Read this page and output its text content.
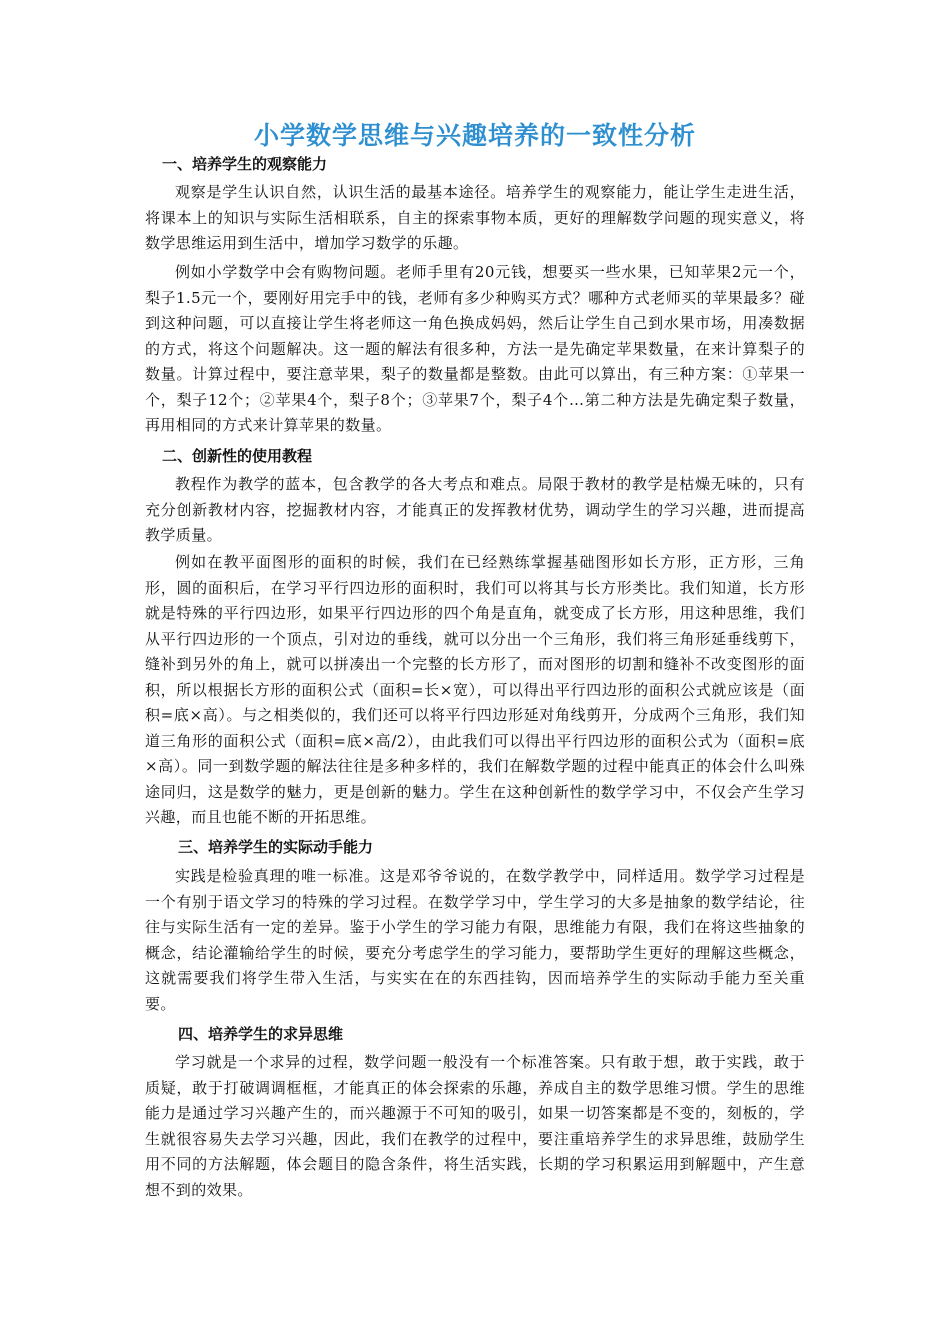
小学数学思维与兴趣培养的一致性分析
一、培养学生的观察能力
观察是学生认识自然，认识生活的最基本途径。培养学生的观察能力，能让学生走进生活，将课本上的知识与实际生活相联系，自主的探索事物本质，更好的理解数学问题的现实意义，将数学思维运用到生活中，增加学习数学的乐趣。
例如小学数学中会有购物问题。老师手里有20元钱，想要买一些水果，已知苹果2元一个，梨子1.5元一个，要刚好用完手中的钱，老师有多少种购买方式？哪种方式老师买的苹果最多？碰到这种问题，可以直接让学生将老师这一角色换成妈妈，然后让学生自己到水果市场，用凑数据的方式，将这个问题解决。这一题的解法有很多种，方法一是先确定苹果数量，在来计算梨子的数量。计算过程中，要注意苹果，梨子的数量都是整数。由此可以算出，有三种方案：①苹果一个，梨子12个；②苹果4个，梨子8个；③苹果7个，梨子4个…第二种方法是先确定梨子数量，再用相同的方式来计算苹果的数量。
二、创新性的使用教程
教程作为教学的蓝本，包含教学的各大考点和难点。局限于教材的教学是枯燥无味的，只有充分创新教材内容，挖掘教材内容，才能真正的发挥教材优势，调动学生的学习兴趣，进而提高教学质量。
例如在教平面图形的面积的时候，我们在已经熟练掌握基础图形如长方形，正方形，三角形，圆的面积后，在学习平行四边形的面积时，我们可以将其与长方形类比。我们知道，长方形就是特殊的平行四边形，如果平行四边形的四个角是直角，就变成了长方形，用这种思维，我们从平行四边形的一个顶点，引对边的垂线，就可以分出一个三角形，我们将三角形延垂线剪下，缝补到另外的角上，就可以拼凑出一个完整的长方形了，而对图形的切割和缝补不改变图形的面积，所以根据长方形的面积公式（面积=长×宽），可以得出平行四边形的面积公式就应该是（面积=底×高）。与之相类似的，我们还可以将平行四边形延对角线剪开，分成两个三角形，我们知道三角形的面积公式（面积=底×高/2），由此我们可以得出平行四边形的面积公式为（面积=底×高）。同一到数学题的解法往往是多种多样的，我们在解数学题的过程中能真正的体会什么叫殊途同归，这是数学的魅力，更是创新的魅力。学生在这种创新性的数学学习中，不仅会产生学习兴趣，而且也能不断的开拓思维。
三、培养学生的实际动手能力
实践是检验真理的唯一标准。这是邓爷爷说的，在数学教学中，同样适用。数学学习过程是一个有别于语文学习的特殊的学习过程。在数学学习中，学生学习的大多是抽象的数学结论，往往与实际生活有一定的差异。鉴于小学生的学习能力有限，思维能力有限，我们在将这些抽象的概念，结论灌输给学生的时候，要充分考虑学生的学习能力，要帮助学生更好的理解这些概念，这就需要我们将学生带入生活，与实实在在的东西挂钩，因而培养学生的实际动手能力至关重要。
四、培养学生的求异思维
学习就是一个求异的过程，数学问题一般没有一个标准答案。只有敢于想，敢于实践，敢于质疑，敢于打破调调框框，才能真正的体会探索的乐趣，养成自主的数学思维习惯。学生的思维能力是通过学习兴趣产生的，而兴趣源于不可知的吸引，如果一切答案都是不变的，刻板的，学生就很容易失去学习兴趣，因此，我们在教学的过程中，要注重培养学生的求异思维，鼓励学生用不同的方法解题，体会题目的隐含条件，将生活实践，长期的学习积累运用到解题中，产生意想不到的效果。
